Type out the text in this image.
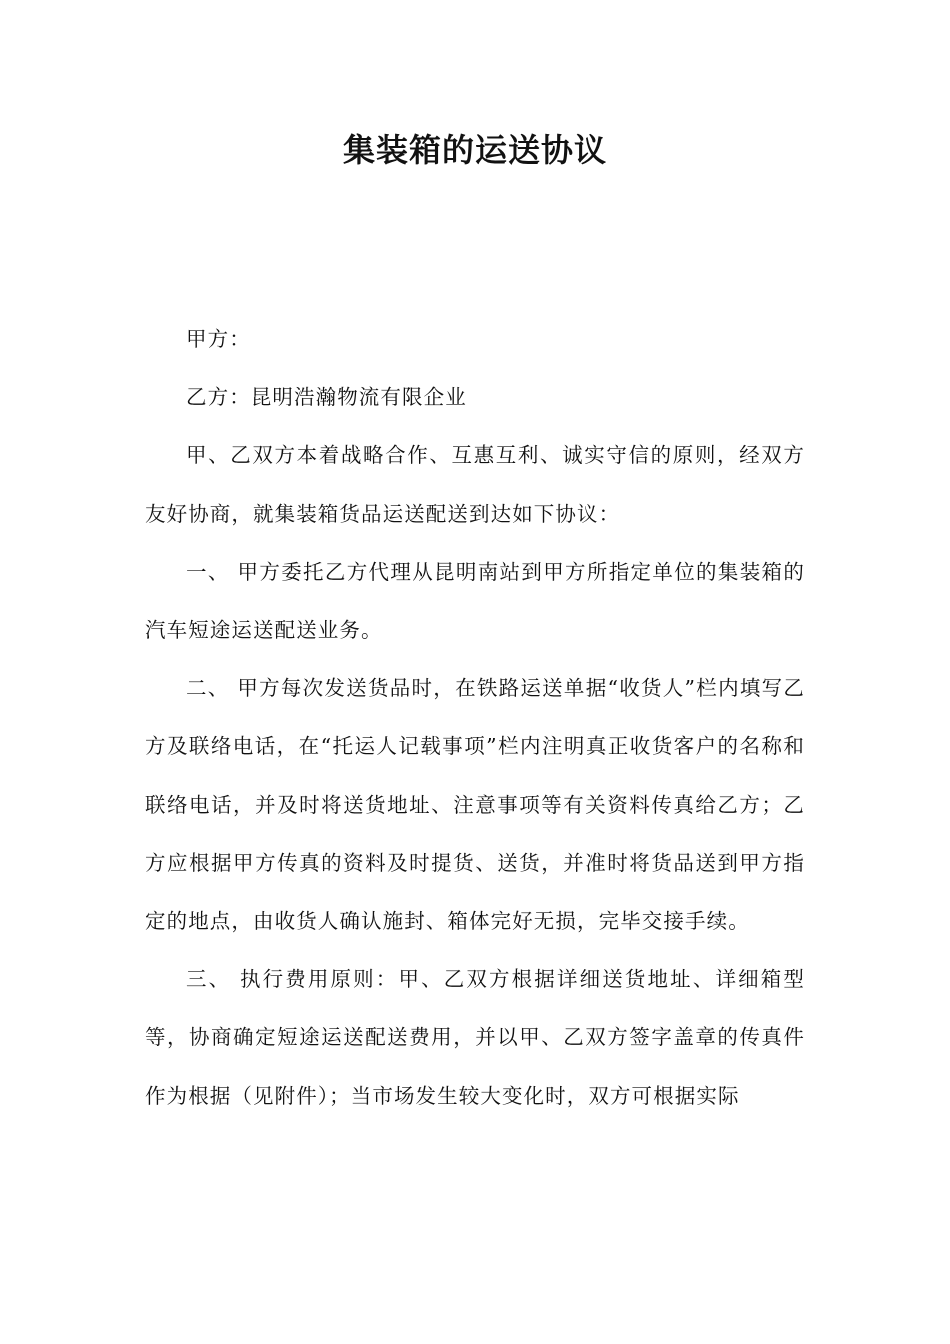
集装箱的运送协议

甲方：

乙方：昆明浩瀚物流有限企业

甲、乙双方本着战略合作、互惠互利、诚实守信的原则，经双方友好协商，就集装箱货品运送配送到达如下协议：

一、 甲方委托乙方代理从昆明南站到甲方所指定单位的集装箱的汽车短途运送配送业务。

二、 甲方每次发送货品时，在铁路运送单据“收货人”栏内填写乙方及联络电话，在“托运人记载事项”栏内注明真正收货客户的名称和联络电话，并及时将送货地址、注意事项等有关资料传真给乙方；乙方应根据甲方传真的资料及时提货、送货，并准时将货品送到甲方指定的地点，由收货人确认施封、箱体完好无损，完毕交接手续。

三、 执行费用原则：甲、乙双方根据详细送货地址、详细箱型等，协商确定短途运送配送费用，并以甲、乙双方签字盖章的传真件作为根据（见附件）；当市场发生较大变化时，双方可根据实际
